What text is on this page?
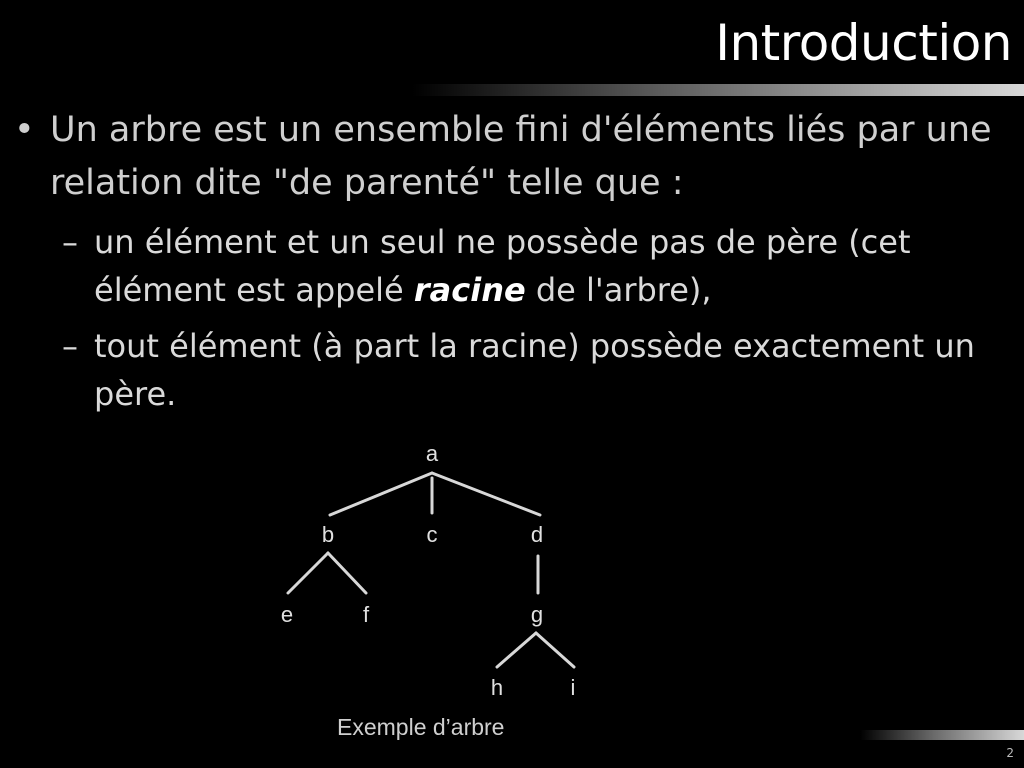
Introduction
• Un arbre est un ensemble fini d'éléments liés par une relation dite "de parenté" telle que :
– un élément et un seul ne possède pas de père (cet élément est appelé racine de l'arbre),
– tout élément (à part la racine) possède exactement un père.
a
b	c	d
e	f	g
h	i
Exemple d’arbre
2
